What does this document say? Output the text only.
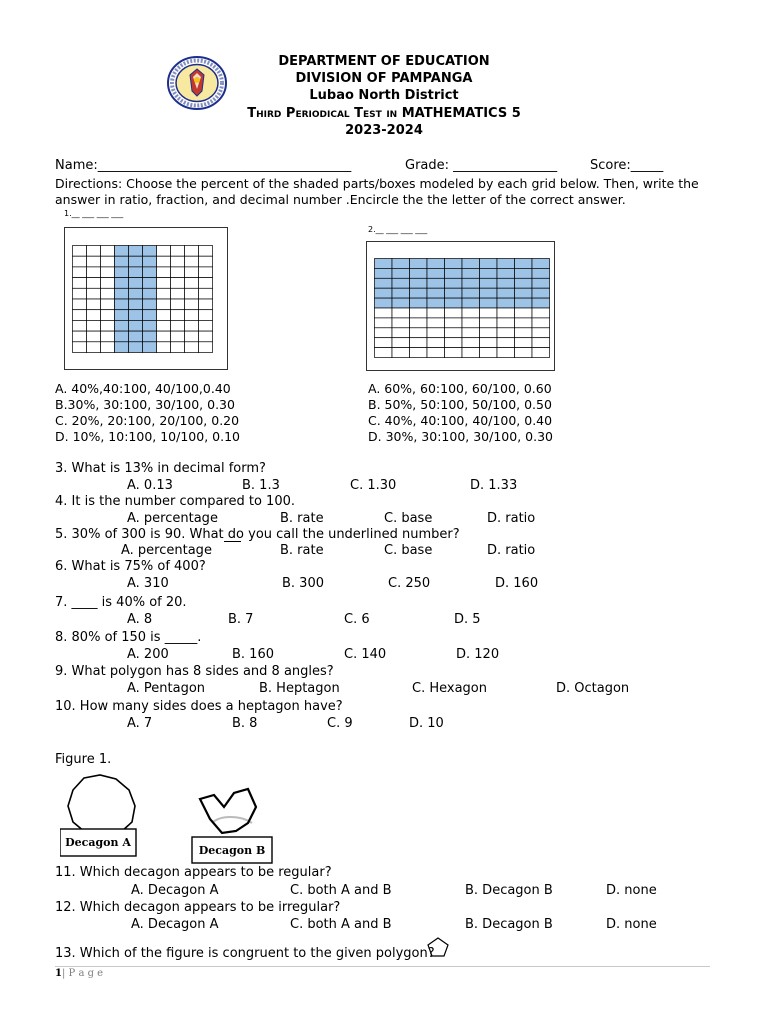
DEPARTMENT OF EDUCATION
DIVISION OF PAMPANGA
Lubao North District
Third Periodical Test in MATHEMATICS 5
2023-2024
Name:_______________________________________	Grade: ________________	Score:_____
Directions: Choose the percent of the shaded parts/boxes modeled by each grid below. Then, write the
answer in ratio, fraction, and decimal number .Encircle the the letter of the correct answer.
1.__ ___ ___ ___
2.__ ___ ___ ___
A. 40%,40:100, 40/100,0.40
B.30%, 30:100, 30/100, 0.30
C. 20%, 20:100, 20/100, 0.20
D. 10%, 10:100, 10/100, 0.10
A. 60%, 60:100, 60/100, 0.60
B. 50%, 50:100, 50/100, 0.50
C. 40%, 40:100, 40/100, 0.40
D. 30%, 30:100, 30/100, 0.30
3. What is 13% in decimal form?
A. 0.13	B. 1.3	C. 1.30	D. 1.33
4. It is the number compared to 100.
A. percentage	B. rate	C. base	D. ratio
5. 30% of 300 is 90. What do you call the underlined number?
A. percentage	B. rate	C. base	D. ratio
6. What is 75% of 400?
A. 310	B. 300	C. 250	D. 160
7. ____ is 40% of 20.
A. 8	B. 7	C. 6	D. 5
8. 80% of 150 is _____.
A. 200	B. 160	C. 140	D. 120
9. What polygon has 8 sides and 8 angles?
A. Pentagon	B. Heptagon	C. Hexagon	D. Octagon
10. How many sides does a heptagon have?
A. 7	B. 8	C. 9	D. 10
Figure 1.
Decagon A
Decagon B
11. Which decagon appears to be regular?
A. Decagon A	C. both A and B	B. Decagon B	D. none
12. Which decagon appears to be irregular?
A. Decagon A	C. both A and B	B. Decagon B	D. none
13. Which of the figure is congruent to the given polygon?
1 | P a g e
